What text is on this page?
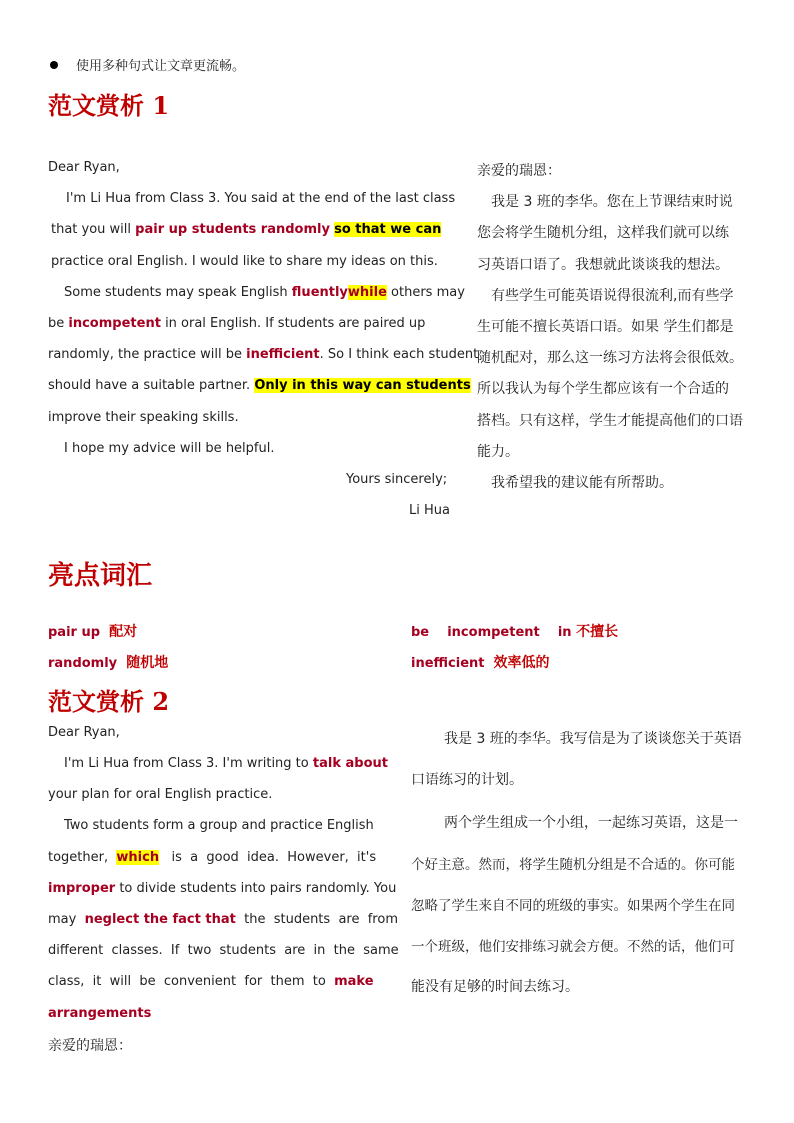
使用多种句式让文章更流畅。
范文赏析 1
Dear Ryan,
I'm Li Hua from Class 3. You said at the end of the last class
that you will pair up students randomly so that we can
practice oral English. I would like to share my ideas on this.
Some students may speak English fluentlywhile others may
be incompetent in oral English. If students are paired up
randomly, the practice will be inefficient. So I think each student
should have a suitable partner. Only in this way can students
improve their speaking skills.
I hope my advice will be helpful.
Yours sincerely;
Li Hua
亲爱的瑞恩：
我是 3 班的李华。您在上节课结束时说
您会将学生随机分组，这样我们就可以练
习英语口语了。我想就此谈谈我的想法。
有些学生可能英语说得很流利,而有些学
生可能不擅长英语口语。如果 学生们都是
随机配对，那么这一练习方法将会很低效。
所以我认为每个学生都应该有一个合适的
搭档。只有这样，学生才能提高他们的口语
能力。
我希望我的建议能有所帮助。
亮点词汇
pair up 配对
randomly 随机地
be    incompetent    in 不擅长
inefficient 效率低的
范文赏析 2
Dear Ryan,
I'm Li Hua from Class 3. I'm writing to talk about
your plan for oral English practice.
Two students form a group and practice English
together, which is  a  good  idea.  However,  it's
improper to divide students into pairs randomly. You
may neglect the fact that the  students  are  from
different  classes.  If  two  students  are  in  the  same
class,  it  will  be  convenient  for  them  to make
arrangements
亲爱的瑞恩：
我是 3 班的李华。我写信是为了谈谈您关于英语
口语练习的计划。
两个学生组成一个小组，一起练习英语，这是一
个好主意。然而，将学生随机分组是不合适的。你可能
忽略了学生来自不同的班级的事实。如果两个学生在同
一个班级，他们安排练习就会方便。不然的话，他们可
能没有足够的时间去练习。
